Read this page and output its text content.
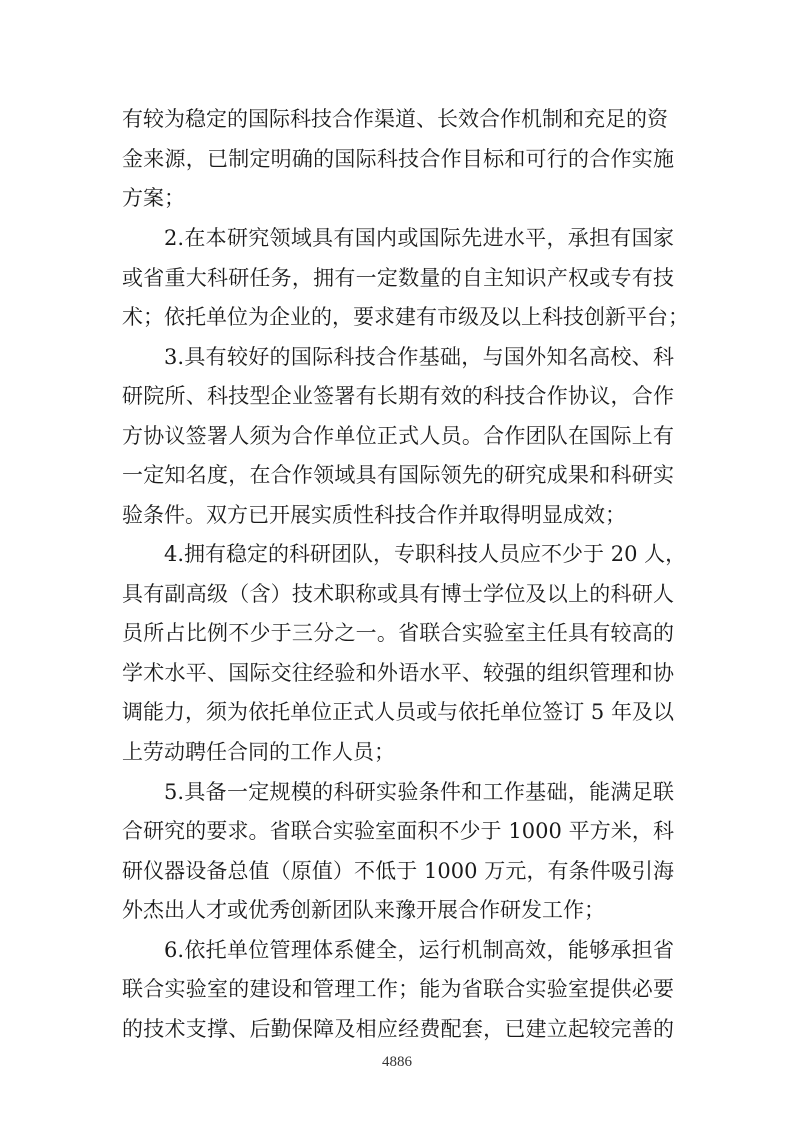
有较为稳定的国际科技合作渠道、长效合作机制和充足的资
金来源，已制定明确的国际科技合作目标和可行的合作实施
方案；
2.在本研究领域具有国内或国际先进水平，承担有国家
或省重大科研任务，拥有一定数量的自主知识产权或专有技
术；依托单位为企业的，要求建有市级及以上科技创新平台；
3.具有较好的国际科技合作基础，与国外知名高校、科
研院所、科技型企业签署有长期有效的科技合作协议，合作
方协议签署人须为合作单位正式人员。合作团队在国际上有
一定知名度，在合作领域具有国际领先的研究成果和科研实
验条件。双方已开展实质性科技合作并取得明显成效；
4.拥有稳定的科研团队，专职科技人员应不少于 20 人，
具有副高级（含）技术职称或具有博士学位及以上的科研人
员所占比例不少于三分之一。省联合实验室主任具有较高的
学术水平、国际交往经验和外语水平、较强的组织管理和协
调能力，须为依托单位正式人员或与依托单位签订 5 年及以
上劳动聘任合同的工作人员；
5.具备一定规模的科研实验条件和工作基础，能满足联
合研究的要求。省联合实验室面积不少于 1000 平方米，科
研仪器设备总值（原值）不低于 1000 万元，有条件吸引海
外杰出人才或优秀创新团队来豫开展合作研发工作；
6.依托单位管理体系健全，运行机制高效，能够承担省
联合实验室的建设和管理工作；能为省联合实验室提供必要
的技术支撑、后勤保障及相应经费配套，已建立起较完善的
4886
